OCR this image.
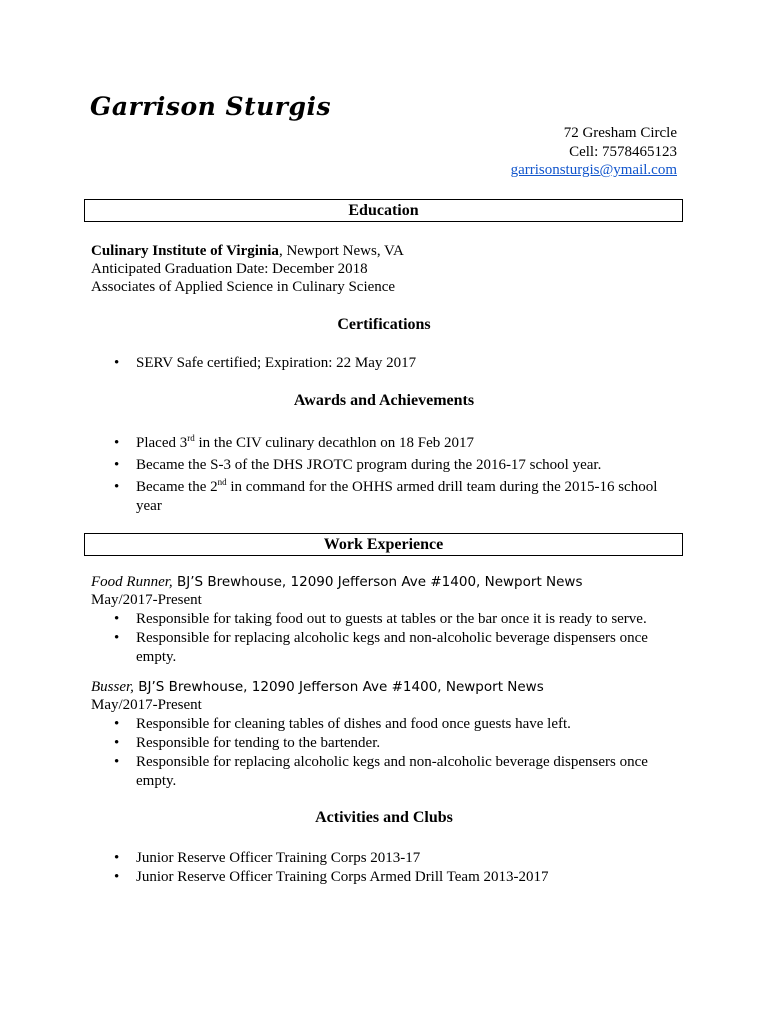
Garrison Sturgis
72 Gresham Circle
Cell: 7578465123
garrisonsturgis@ymail.com
Education
Culinary Institute of Virginia, Newport News, VA
Anticipated Graduation Date: December 2018
Associates of Applied Science in Culinary Science
Certifications
• SERV Safe certified; Expiration: 22 May 2017
Awards and Achievements
• Placed 3rd in the CIV culinary decathlon on 18 Feb 2017
• Became the S-3 of the DHS JROTC program during the 2016-17 school year.
• Became the 2nd in command for the OHHS armed drill team during the 2015-16 school year
Work Experience
Food Runner, BJ’S Brewhouse, 12090 Jefferson Ave #1400, Newport News
May/2017-Present
• Responsible for taking food out to guests at tables or the bar once it is ready to serve.
• Responsible for replacing alcoholic kegs and non-alcoholic beverage dispensers once empty.
Busser, BJ’S Brewhouse, 12090 Jefferson Ave #1400, Newport News
May/2017-Present
• Responsible for cleaning tables of dishes and food once guests have left.
• Responsible for tending to the bartender.
• Responsible for replacing alcoholic kegs and non-alcoholic beverage dispensers once empty.
Activities and Clubs
• Junior Reserve Officer Training Corps 2013-17
• Junior Reserve Officer Training Corps Armed Drill Team 2013-2017
